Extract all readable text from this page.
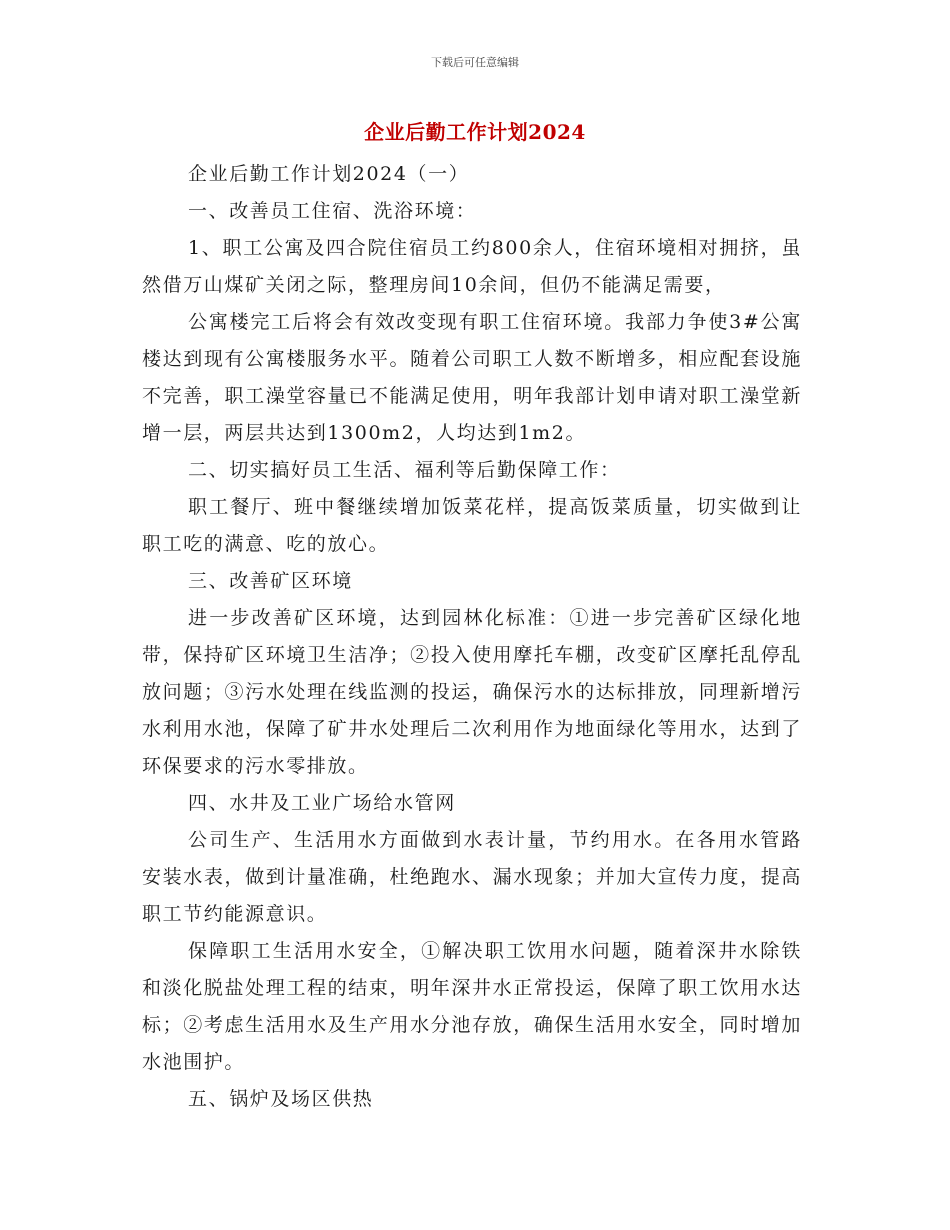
下载后可任意编辑
企业后勤工作计划2024

企业后勤工作计划2024（一）

一、改善员工住宿、洗浴环境：

1、职工公寓及四合院住宿员工约800余人，住宿环境相对拥挤，虽然借万山煤矿关闭之际，整理房间10余间，但仍不能满足需要，

公寓楼完工后将会有效改变现有职工住宿环境。我部力争使3#公寓楼达到现有公寓楼服务水平。随着公司职工人数不断增多，相应配套设施不完善，职工澡堂容量已不能满足使用，明年我部计划申请对职工澡堂新增一层，两层共达到1300m2，人均达到1m2。

二、切实搞好员工生活、福利等后勤保障工作：

职工餐厅、班中餐继续增加饭菜花样，提高饭菜质量，切实做到让职工吃的满意、吃的放心。

三、改善矿区环境

进一步改善矿区环境，达到园林化标准：①进一步完善矿区绿化地带，保持矿区环境卫生洁净；②投入使用摩托车棚，改变矿区摩托乱停乱放问题；③污水处理在线监测的投运，确保污水的达标排放，同理新增污水利用水池，保障了矿井水处理后二次利用作为地面绿化等用水，达到了环保要求的污水零排放。

四、水井及工业广场给水管网

公司生产、生活用水方面做到水表计量，节约用水。在各用水管路安装水表，做到计量准确，杜绝跑水、漏水现象；并加大宣传力度，提高职工节约能源意识。

保障职工生活用水安全，①解决职工饮用水问题，随着深井水除铁和淡化脱盐处理工程的结束，明年深井水正常投运，保障了职工饮用水达标；②考虑生活用水及生产用水分池存放，确保生活用水安全，同时增加水池围护。

五、锅炉及场区供热
